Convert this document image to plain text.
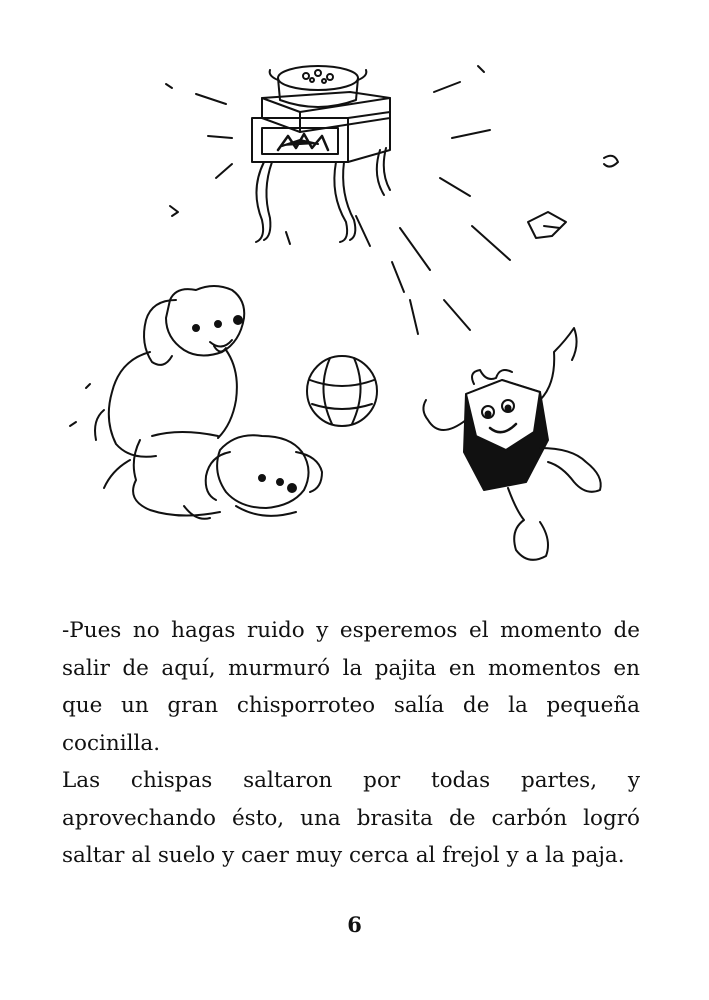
-Pues no hagas ruido y esperemos el momento de
salir de aquí, murmuró la pajita en momentos en
que un gran chisporroteo salía de la pequeña
cocinilla.

Las chispas saltaron por todas partes, y
aprovechando ésto, una brasita de carbón logró
saltar al suelo y caer muy cerca al frejol y a la paja.

6
